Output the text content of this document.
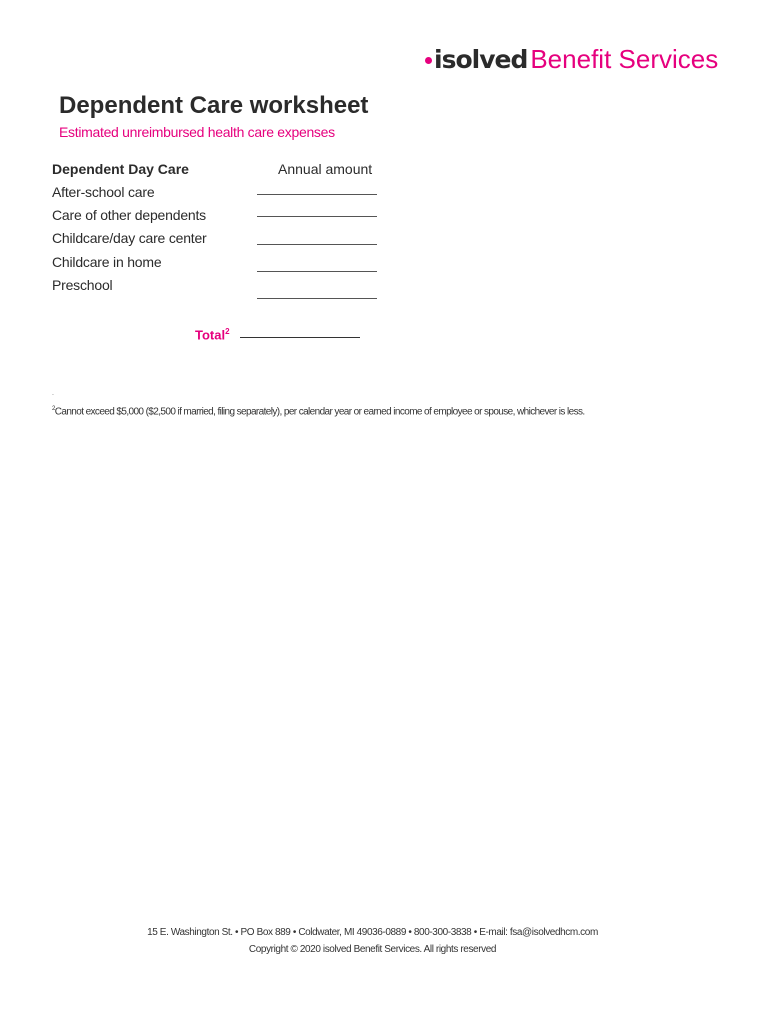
isolved Benefit Services
Dependent Care worksheet
Estimated unreimbursed health care expenses
Dependent Day Care	Annual amount
After-school care
Care of other dependents
Childcare/day care center
Childcare in home
Preschool
Total$^2$
.
$^2$Cannot exceed $5,000 ($2,500 if married, filing separately), per calendar year or earned income of employee or spouse, whichever is less.
15 E. Washington St. • PO Box 889 • Coldwater, MI 49036-0889 • 800-300-3838 • E-mail: fsa@isolvedhcm.com
Copyright © 2020 isolved Benefit Services. All rights reserved
